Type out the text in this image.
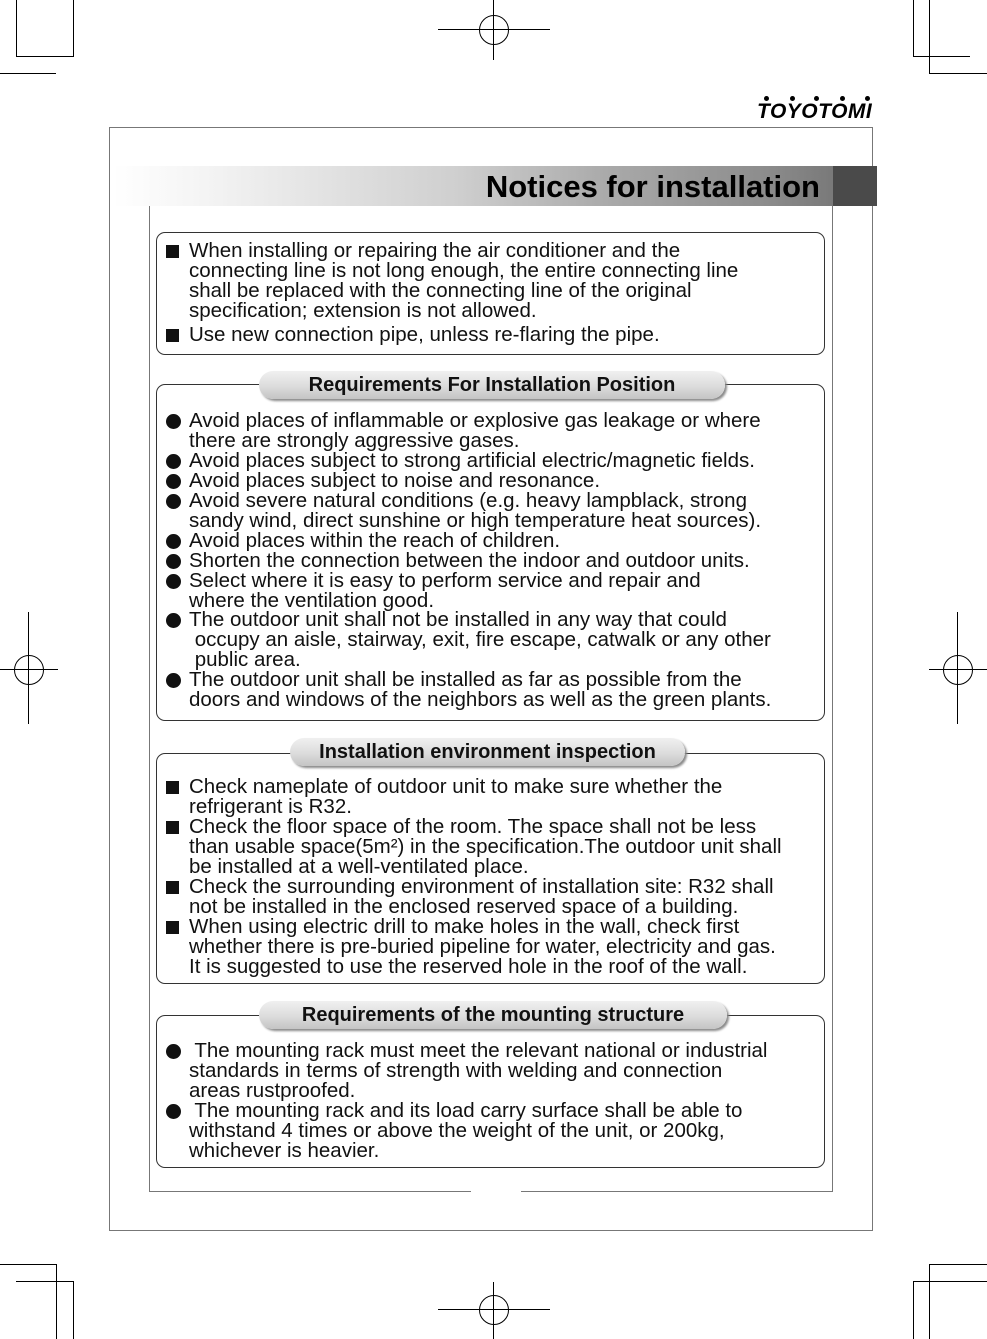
TOYOTOMI
Notices for installation
When installing or repairing the air conditioner and the
connecting line is not long enough, the entire connecting line
shall be replaced with the connecting line of the original
specification; extension is not allowed.
Use new connection pipe, unless re-flaring the pipe.
Requirements For Installation Position
Avoid places of inflammable or explosive gas leakage or where
there are strongly aggressive gases.
Avoid places subject to strong artificial electric/magnetic fields.
Avoid places subject to noise and resonance.
Avoid severe natural conditions (e.g. heavy lampblack, strong
sandy wind, direct sunshine or high temperature heat sources).
Avoid places within the reach of children.
Shorten the connection between the indoor and outdoor units.
Select where it is easy to perform service and repair and
where the ventilation good.
The outdoor unit shall not be installed in any way that could
occupy an aisle, stairway, exit, fire escape, catwalk or any other
public area.
The outdoor unit shall be installed as far as possible from the
doors and windows of the neighbors as well as the green plants.
Installation environment inspection
Check nameplate of outdoor unit to make sure whether the
refrigerant is R32.
Check the floor space of the room. The space shall not be less
than usable space(5m²) in the specification.The outdoor unit shall
be installed at a well-ventilated place.
Check the surrounding environment of installation site: R32 shall
not be installed in the enclosed reserved space of a building.
When using electric drill to make holes in the wall, check first
whether there is pre-buried pipeline for water, electricity and gas.
It is suggested to use the reserved hole in the roof of the wall.
Requirements of the mounting structure
The mounting rack must meet the relevant national or industrial
standards in terms of strength with welding and connection
areas rustproofed.
The mounting rack and its load carry surface shall be able to
withstand 4 times or above the weight of the unit, or 200kg,
whichever is heavier.
